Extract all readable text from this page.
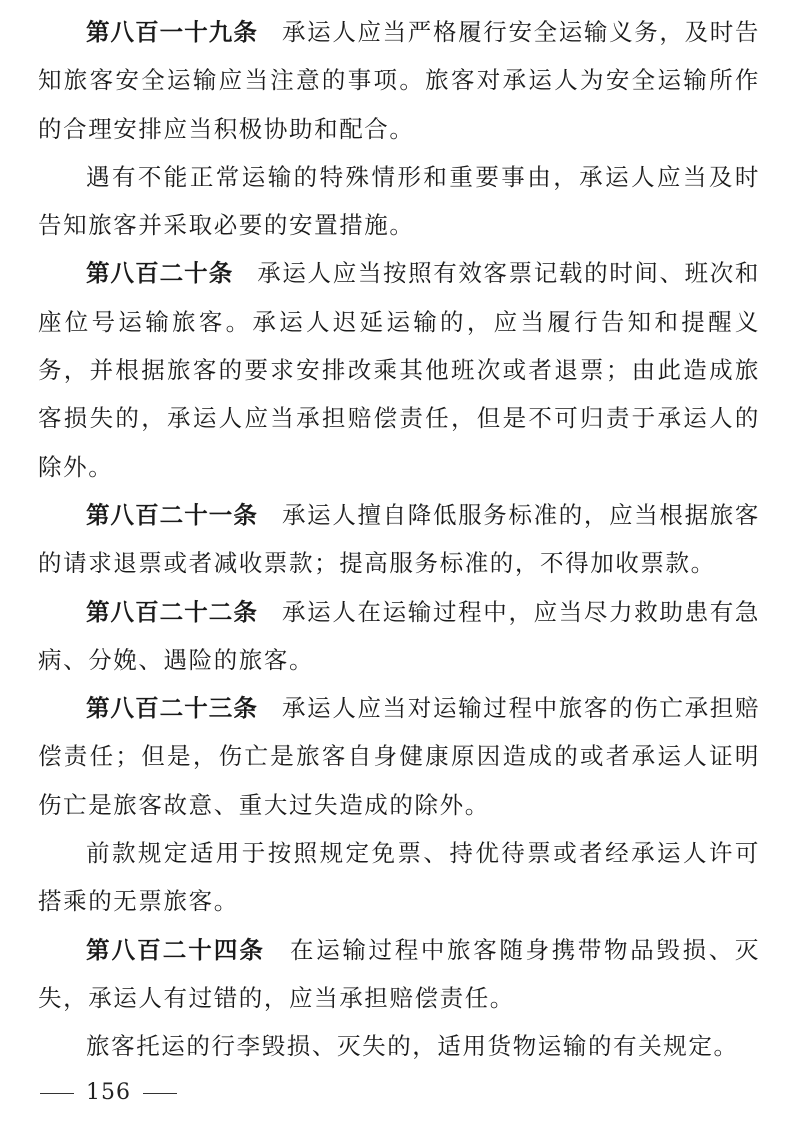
第八百一十九条 承运人应当严格履行安全运输义务，及时告知旅客安全运输应当注意的事项。旅客对承运人为安全运输所作的合理安排应当积极协助和配合。

遇有不能正常运输的特殊情形和重要事由，承运人应当及时告知旅客并采取必要的安置措施。

第八百二十条 承运人应当按照有效客票记载的时间、班次和座位号运输旅客。承运人迟延运输的，应当履行告知和提醒义务，并根据旅客的要求安排改乘其他班次或者退票；由此造成旅客损失的，承运人应当承担赔偿责任，但是不可归责于承运人的除外。

第八百二十一条 承运人擅自降低服务标准的，应当根据旅客的请求退票或者减收票款；提高服务标准的，不得加收票款。

第八百二十二条 承运人在运输过程中，应当尽力救助患有急病、分娩、遇险的旅客。

第八百二十三条 承运人应当对运输过程中旅客的伤亡承担赔偿责任；但是，伤亡是旅客自身健康原因造成的或者承运人证明伤亡是旅客故意、重大过失造成的除外。

前款规定适用于按照规定免票、持优待票或者经承运人许可搭乘的无票旅客。

第八百二十四条 在运输过程中旅客随身携带物品毁损、灭失，承运人有过错的，应当承担赔偿责任。

旅客托运的行李毁损、灭失的，适用货物运输的有关规定。

156
